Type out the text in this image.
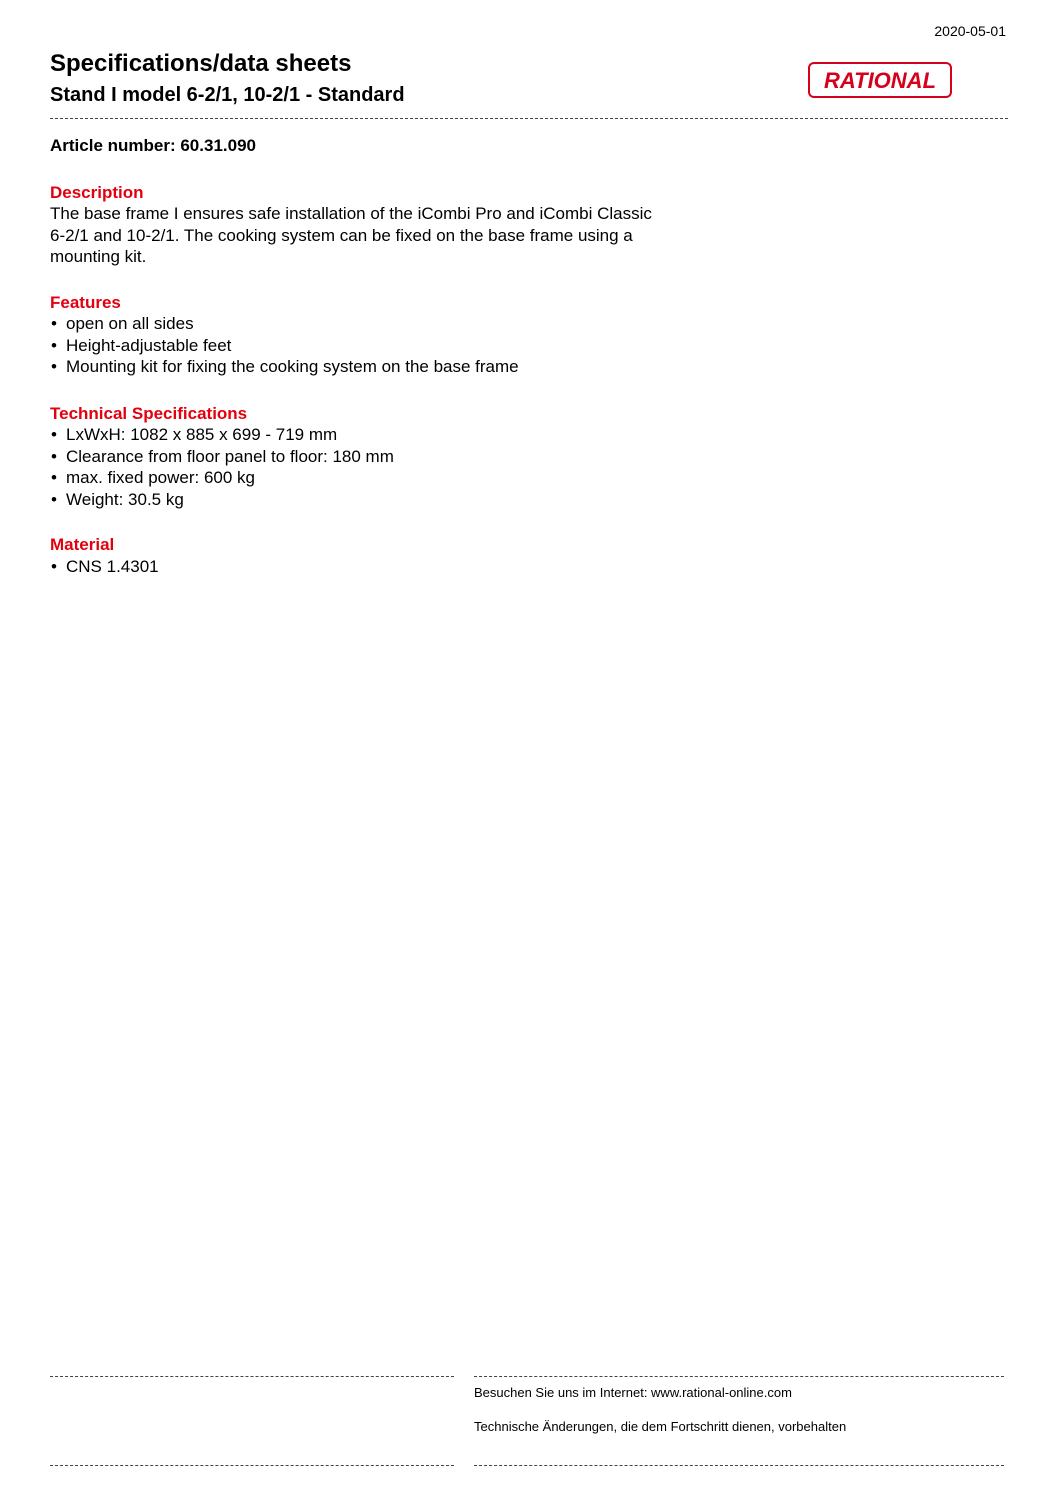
2020-05-01
Specifications/data sheets
Stand I model 6-2/1, 10-2/1 - Standard
RATIONAL
Article number: 60.31.090
Description
The base frame I ensures safe installation of the iCombi Pro and iCombi Classic
6-2/1 and 10-2/1. The cooking system can be fixed on the base frame using a
mounting kit.
Features
• open on all sides
• Height-adjustable feet
• Mounting kit for fixing the cooking system on the base frame
Technical Specifications
• LxWxH: 1082 x 885 x 699 - 719 mm
• Clearance from floor panel to floor: 180 mm
• max. fixed power: 600 kg
• Weight: 30.5 kg
Material
• CNS 1.4301
Besuchen Sie uns im Internet: www.rational-online.com
Technische Änderungen, die dem Fortschritt dienen, vorbehalten
